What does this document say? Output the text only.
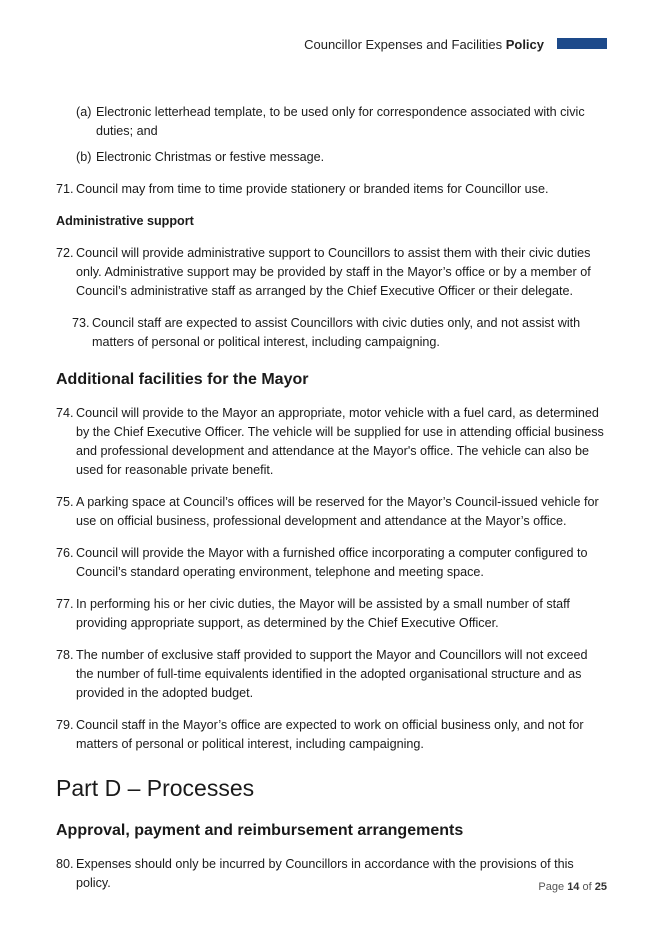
Councillor Expenses and Facilities Policy
(a) Electronic letterhead template, to be used only for correspondence associated with civic duties; and
(b) Electronic Christmas or festive message.
71. Council may from time to time provide stationery or branded items for Councillor use.
Administrative support
72. Council will provide administrative support to Councillors to assist them with their civic duties only. Administrative support may be provided by staff in the Mayor’s office or by a member of Council’s administrative staff as arranged by the Chief Executive Officer or their delegate.
73. Council staff are expected to assist Councillors with civic duties only, and not assist with matters of personal or political interest, including campaigning.
Additional facilities for the Mayor
74. Council will provide to the Mayor an appropriate, motor vehicle with a fuel card, as determined by the Chief Executive Officer. The vehicle will be supplied for use in attending official business and professional development and attendance at the Mayor's office. The vehicle can also be used for reasonable private benefit.
75. A parking space at Council’s offices will be reserved for the Mayor’s Council-issued vehicle for use on official business, professional development and attendance at the Mayor’s office.
76. Council will provide the Mayor with a furnished office incorporating a computer configured to Council’s standard operating environment, telephone and meeting space.
77. In performing his or her civic duties, the Mayor will be assisted by a small number of staff providing appropriate support, as determined by the Chief Executive Officer.
78. The number of exclusive staff provided to support the Mayor and Councillors will not exceed the number of full-time equivalents identified in the adopted organisational structure and as provided in the adopted budget.
79. Council staff in the Mayor’s office are expected to work on official business only, and not for matters of personal or political interest, including campaigning.
Part D – Processes
Approval, payment and reimbursement arrangements
80. Expenses should only be incurred by Councillors in accordance with the provisions of this policy.	Page 14 of 25
